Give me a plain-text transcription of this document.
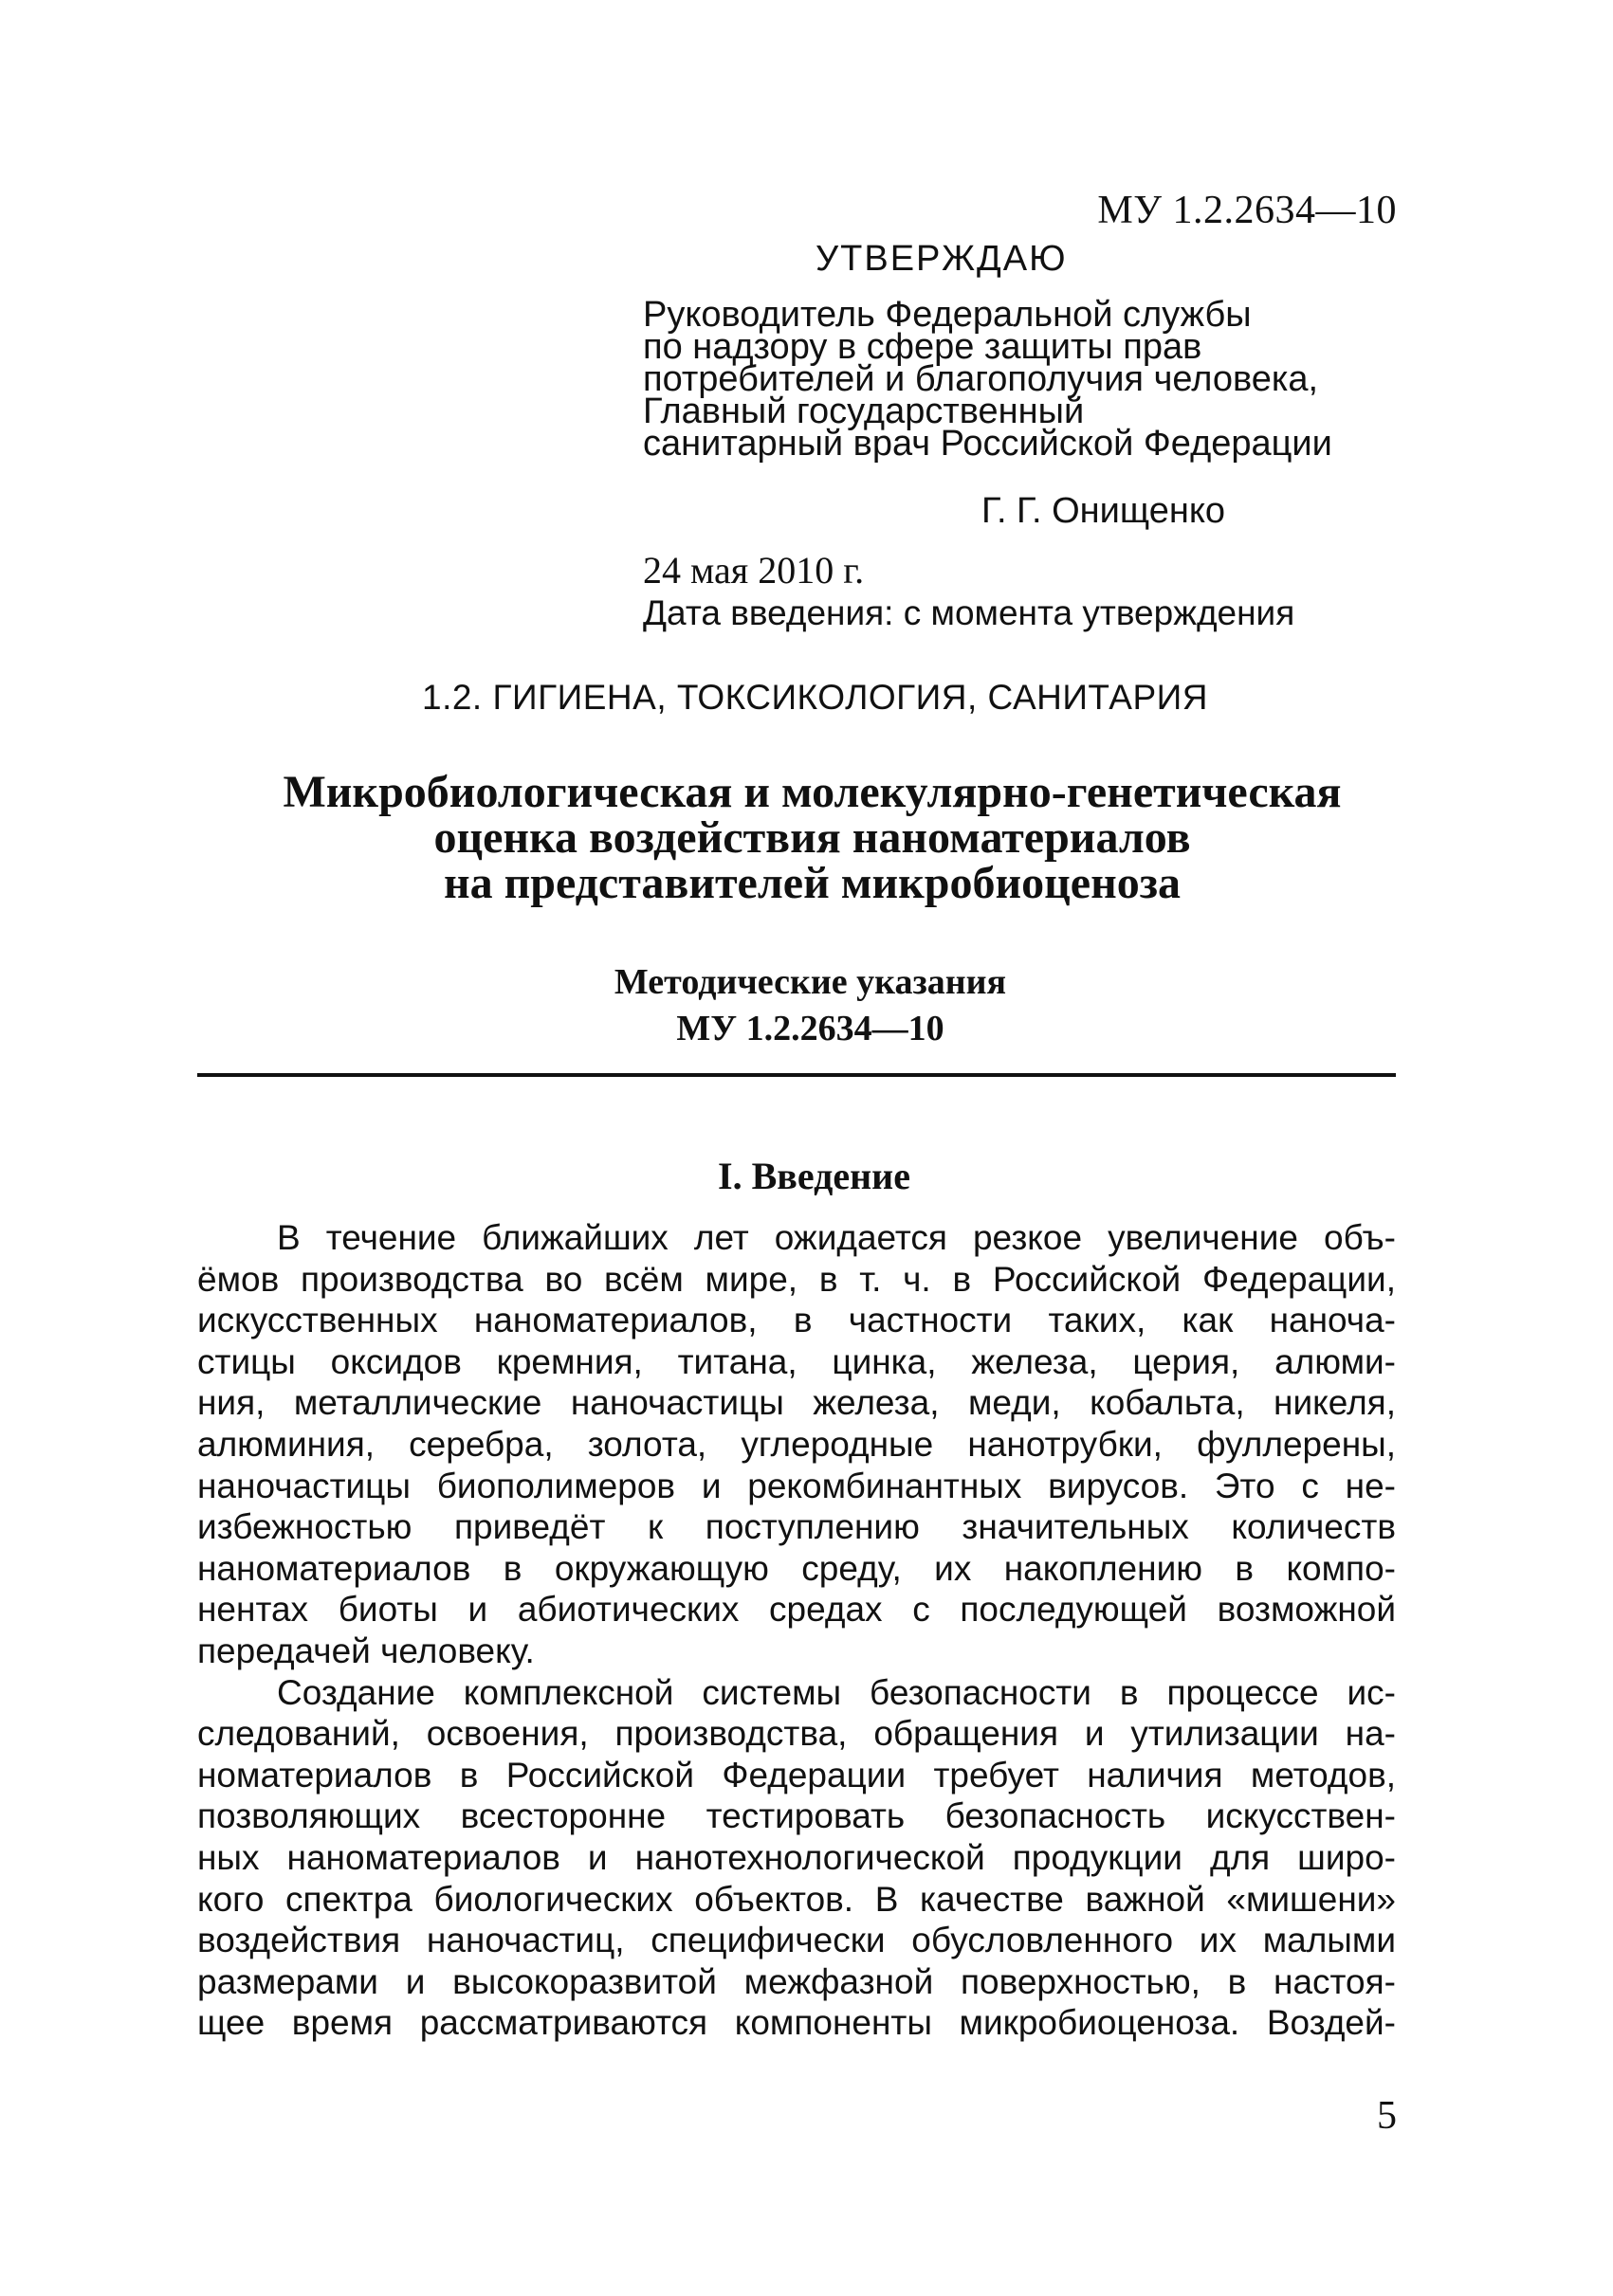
МУ 1.2.2634—10
УТВЕРЖДАЮ
Руководитель Федеральной службы
по надзору в сфере защиты прав
потребителей и благополучия человека,
Главный государственный
санитарный врач Российской Федерации
Г. Г. Онищенко
24 мая 2010 г.
Дата введения: с момента утверждения
1.2. ГИГИЕНА, ТОКСИКОЛОГИЯ, САНИТАРИЯ
Микробиологическая и молекулярно-генетическая
оценка воздействия наноматериалов
на представителей микробиоценоза
Методические указания
МУ 1.2.2634—10
I. Введение
В течение ближайших лет ожидается резкое увеличение объ-
ёмов производства во всём мире, в т. ч. в Российской Федерации,
искусственных наноматериалов, в частности таких, как наноча-
стицы оксидов кремния, титана, цинка, железа, церия, алюми-
ния, металлические наночастицы железа, меди, кобальта, никеля,
алюминия, серебра, золота, углеродные нанотрубки, фуллерены,
наночастицы биополимеров и рекомбинантных вирусов. Это с не-
избежностью приведёт к поступлению значительных количеств
наноматериалов в окружающую среду, их накоплению в компо-
нентах биоты и абиотических средах с последующей возможной
передачей человеку.
Создание комплексной системы безопасности в процессе ис-
следований, освоения, производства, обращения и утилизации на-
номатериалов в Российской Федерации требует наличия методов,
позволяющих всесторонне тестировать безопасность искусствен-
ных наноматериалов и нанотехнологической продукции для широ-
кого спектра биологических объектов. В качестве важной «мишени»
воздействия наночастиц, специфически обусловленного их малыми
размерами и высокоразвитой межфазной поверхностью, в настоя-
щее время рассматриваются компоненты микробиоценоза. Воздей-
5
